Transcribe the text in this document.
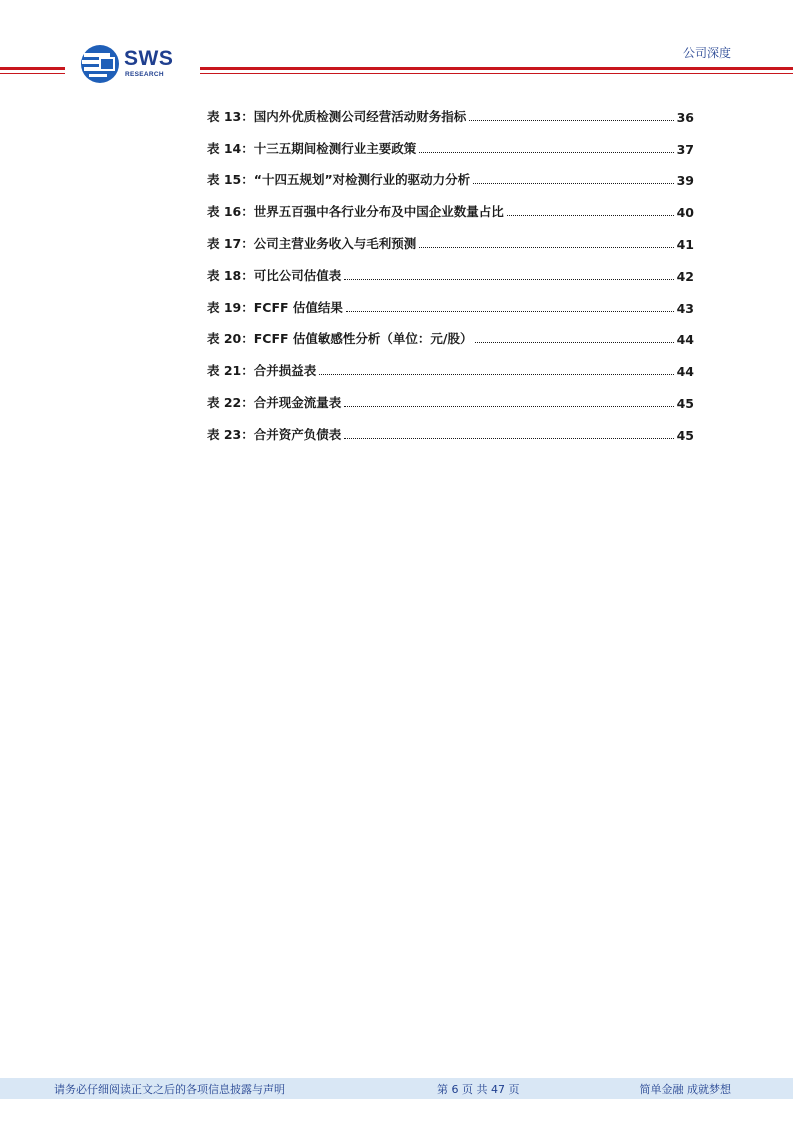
SWS
RESEARCH
公司深度
表 13：国内外优质检测公司经营活动财务指标	36
表 14：十三五期间检测行业主要政策	37
表 15：“十四五规划”对检测行业的驱动力分析	39
表 16：世界五百强中各行业分布及中国企业数量占比	40
表 17：公司主营业务收入与毛利预测	41
表 18：可比公司估值表	42
表 19：FCFF 估值结果	43
表 20：FCFF 估值敏感性分析（单位：元/股）	44
表 21：合并损益表	44
表 22：合并现金流量表	45
表 23：合并资产负债表	45
请务必仔细阅读正文之后的各项信息披露与声明	第 6 页 共 47 页	简单金融 成就梦想
